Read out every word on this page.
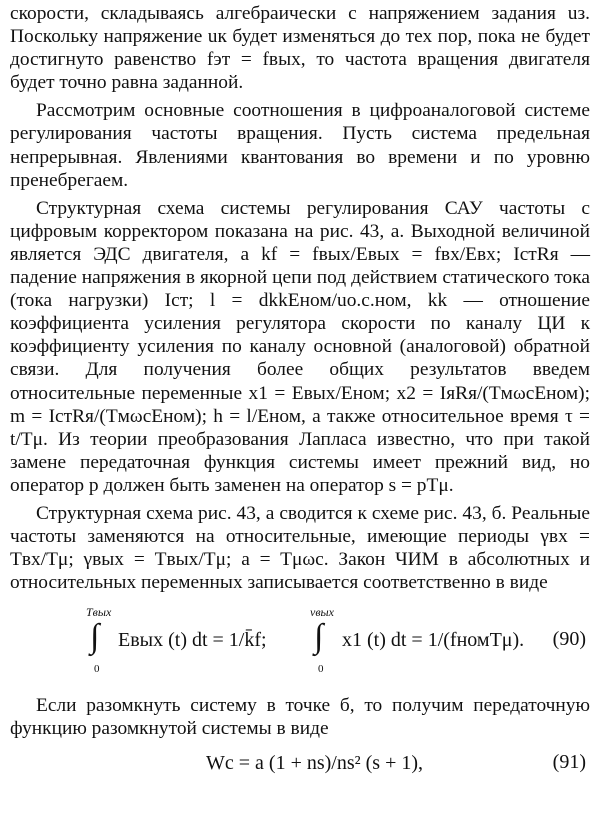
скорости, складываясь алгебраически с напряжением задания uз. Поскольку напряжение uк будет изменяться до тех пор, пока не будет достигнуто равенство fэт = fвых, то частота вращения двигателя будет точно равна заданной.

Рассмотрим основные соотношения в цифроаналоговой системе регулирования частоты вращения. Пусть система предельная непрерывная. Явлениями квантования во времени и по уровню пренебрегаем.

Структурная схема системы регулирования САУ частоты с цифровым корректором показана на рис. 43, а. Выходной величиной является ЭДС двигателя, а kf = fвых/Eвых = fвх/Eвх; IстRя — падение напряжения в якорной цепи под действием статического тока (тока нагрузки) Iст; l = dkkEном/uо.с.ном, kk — отношение коэффициента усиления регулятора скорости по каналу ЦИ к коэффициенту усиления по каналу основной (аналоговой) обратной связи. Для получения более общих результатов введем относительные переменные x1 = Eвых/Eном; x2 = IяRя/(TмωсEном); m = IстRя/(TмωсEном); h = l/Eном, а также относительное время τ = t/Tμ. Из теории преобразования Лапласа известно, что при такой замене передаточная функция системы имеет прежний вид, но оператор p должен быть заменен на оператор s = pTμ.

Структурная схема рис. 43, а сводится к схеме рис. 43, б. Реальные частоты заменяются на относительные, имеющие периоды γвх = Tвх/Tμ; γвых = Tвых/Tμ; a = Tμωс. Закон ЧИМ в абсолютных и относительных переменных записывается соответственно в виде

Tвых
∫
0
Eвых (t) dt = 1/k̄f;
νвых
∫
0
x1 (t) dt = 1/(fномTμ). (90)

Если разомкнуть систему в точке б, то получим передаточную функцию разомкнутой системы в виде

Wс = a (1 + ns)/ns² (s + 1),	(91)
